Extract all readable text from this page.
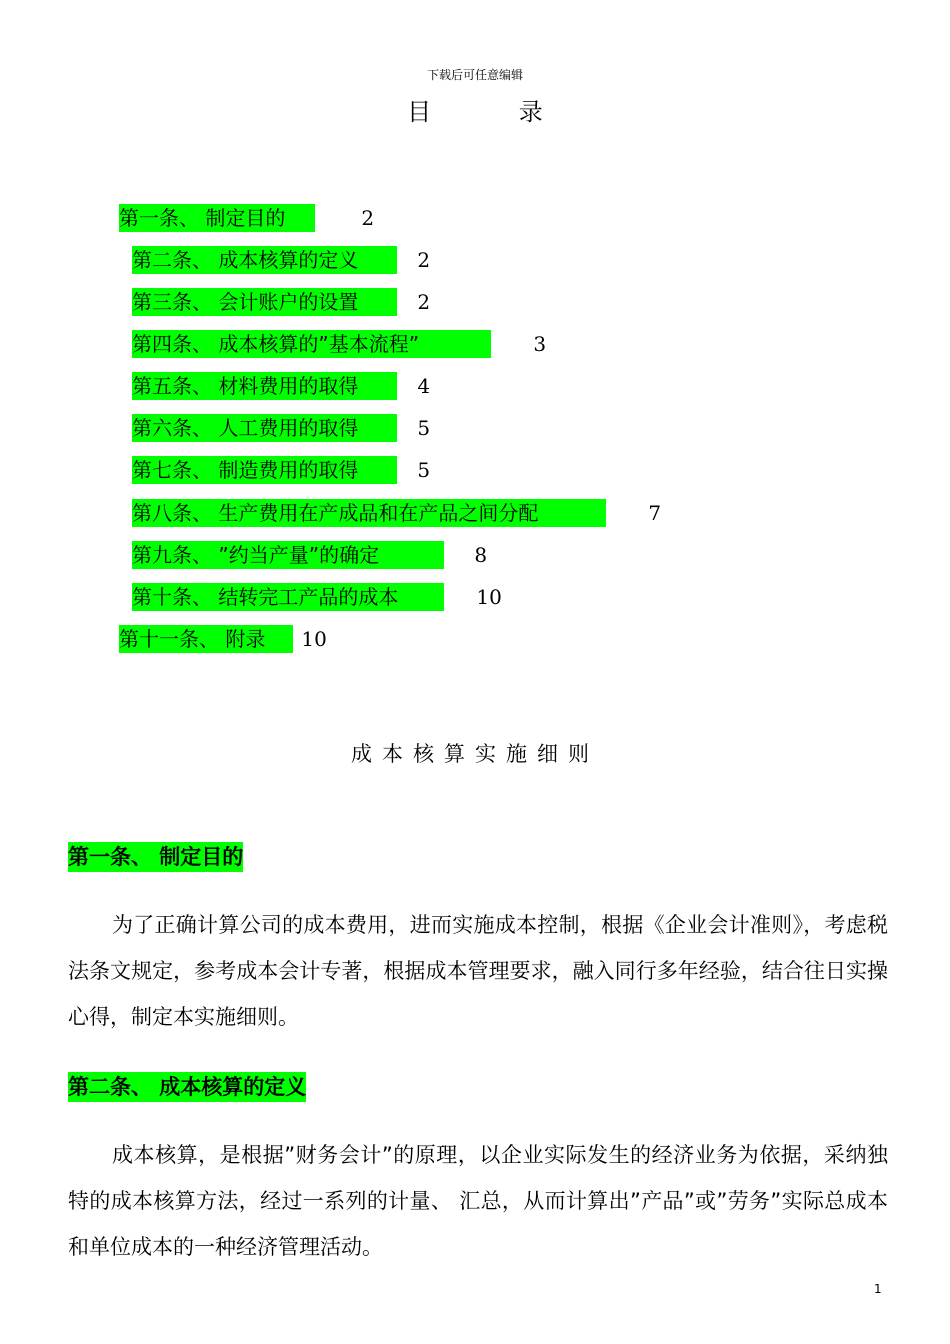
下载后可任意编辑
目 录
第一条、 制定目的	2
第二条、 成本核算的定义	2
第三条、 会计账户的设置	2
第四条、 成本核算的”基本流程”	3
第五条、 材料费用的取得	4
第六条、 人工费用的取得	5
第七条、 制造费用的取得	5
第八条、 生产费用在产成品和在产品之间分配	7
第九条、 ”约当产量”的确定	8
第十条、 结转完工产品的成本	10
第十一条、 附录 10
成本核算实施细则
第一条、 制定目的

为了正确计算公司的成本费用，进而实施成本控制，根据《企业会计准则》，考虑税法条文规定，参考成本会计专著，根据成本管理要求，融入同行多年经验，结合往日实操心得，制定本实施细则。

第二条、 成本核算的定义

成本核算，是根据”财务会计”的原理，以企业实际发生的经济业务为依据，采纳独特的成本核算方法，经过一系列的计量、 汇总，从而计算出”产品”或”劳务”实际总成本和单位成本的一种经济管理活动。

1
